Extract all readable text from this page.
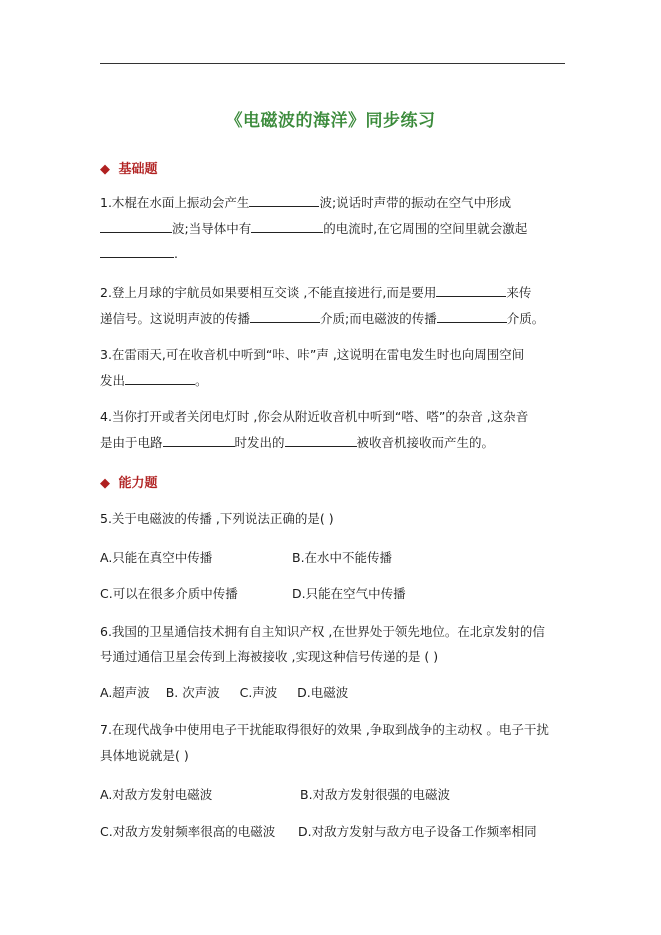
《电磁波的海洋》同步练习
◆ 基础题
1.木棍在水面上振动会产生	波;说话时声带的振动在空气中形成
波;当导体中有	的电流时,在它周围的空间里就会激起
.
2.登上月球的宇航员如果要相互交谈 ,不能直接进行,而是要用	来传
递信号。这说明声波的传播	介质;而电磁波的传播	介质。
3.在雷雨天,可在收音机中听到“咔、咔”声 ,这说明在雷电发生时也向周围空间
发出	。
4.当你打开或者关闭电灯时 ,你会从附近收音机中听到“嗒、嗒”的杂音 ,这杂音
是由于电路	时发出的	被收音机接收而产生的。
◆ 能力题
5.关于电磁波的传播 ,下列说法正确的是( )
A.只能在真空中传播	B.在水中不能传播
C.可以在很多介质中传播	D.只能在空气中传播
6.我国的卫星通信技术拥有自主知识产权 ,在世界处于领先地位。在北京发射的信
号通过通信卫星会传到上海被接收 ,实现这种信号传递的是 ( )
A.超声波    B. 次声波     C.声波     D.电磁波
7.在现代战争中使用电子干扰能取得很好的效果 ,争取到战争的主动权 。电子干扰
具体地说就是( )
A.对敌方发射电磁波	B.对敌方发射很强的电磁波
C.对敌方发射频率很高的电磁波 D.对敌方发射与敌方电子设备工作频率相同
